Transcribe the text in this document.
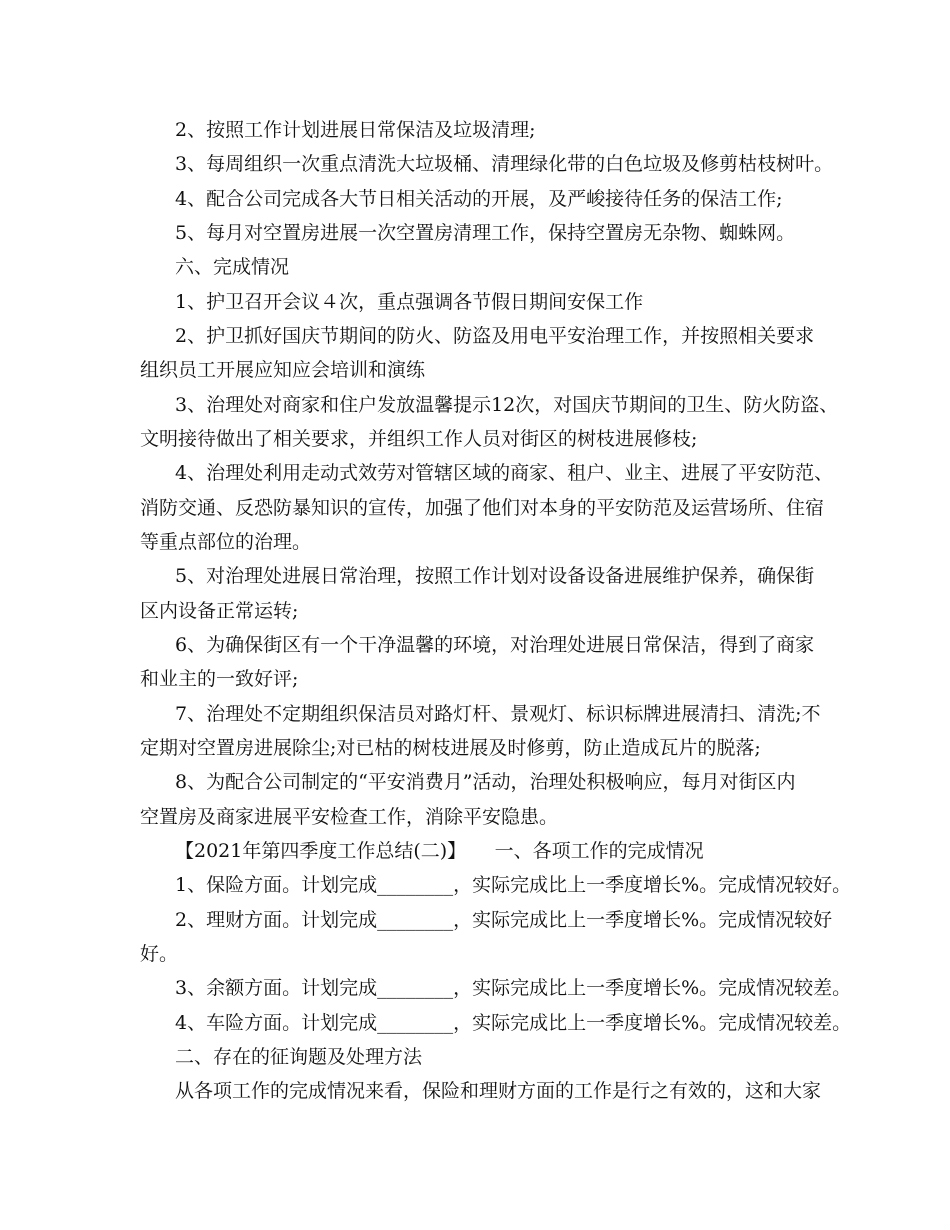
2、按照工作计划进展日常保洁及垃圾清理;
3、每周组织一次重点清洗大垃圾桶、清理绿化带的白色垃圾及修剪枯枝树叶。
4、配合公司完成各大节日相关活动的开展，及严峻接待任务的保洁工作;
5、每月对空置房进展一次空置房清理工作，保持空置房无杂物、蜘蛛网。
六、完成情况
1、护卫召开会议４次，重点强调各节假日期间安保工作
2、护卫抓好国庆节期间的防火、防盗及用电平安治理工作，并按照相关要求
组织员工开展应知应会培训和演练
3、治理处对商家和住户发放温馨提示12次，对国庆节期间的卫生、防火防盗、
文明接待做出了相关要求，并组织工作人员对街区的树枝进展修枝;
4、治理处利用走动式效劳对管辖区域的商家、租户、业主、进展了平安防范、
消防交通、反恐防暴知识的宣传，加强了他们对本身的平安防范及运营场所、住宿
等重点部位的治理。
5、对治理处进展日常治理，按照工作计划对设备设备进展维护保养，确保街
区内设备正常运转;
6、为确保街区有一个干净温馨的环境，对治理处进展日常保洁，得到了商家
和业主的一致好评;
7、治理处不定期组织保洁员对路灯杆、景观灯、标识标牌进展清扫、清洗;不
定期对空置房进展除尘;对已枯的树枝进展及时修剪，防止造成瓦片的脱落;
8、为配合公司制定的“平安消费月”活动，治理处积极响应，每月对街区内
空置房及商家进展平安检查工作，消除平安隐患。
【2021年第四季度工作总结(二)】　　一、各项工作的完成情况
1、保险方面。计划完成________，实际完成比上一季度增长%。完成情况较好。
2、理财方面。计划完成________，实际完成比上一季度增长%。完成情况较好
好。
3、余额方面。计划完成________，实际完成比上一季度增长%。完成情况较差。
4、车险方面。计划完成________，实际完成比上一季度增长%。完成情况较差。
二、存在的征询题及处理方法
从各项工作的完成情况来看，保险和理财方面的工作是行之有效的，这和大家
